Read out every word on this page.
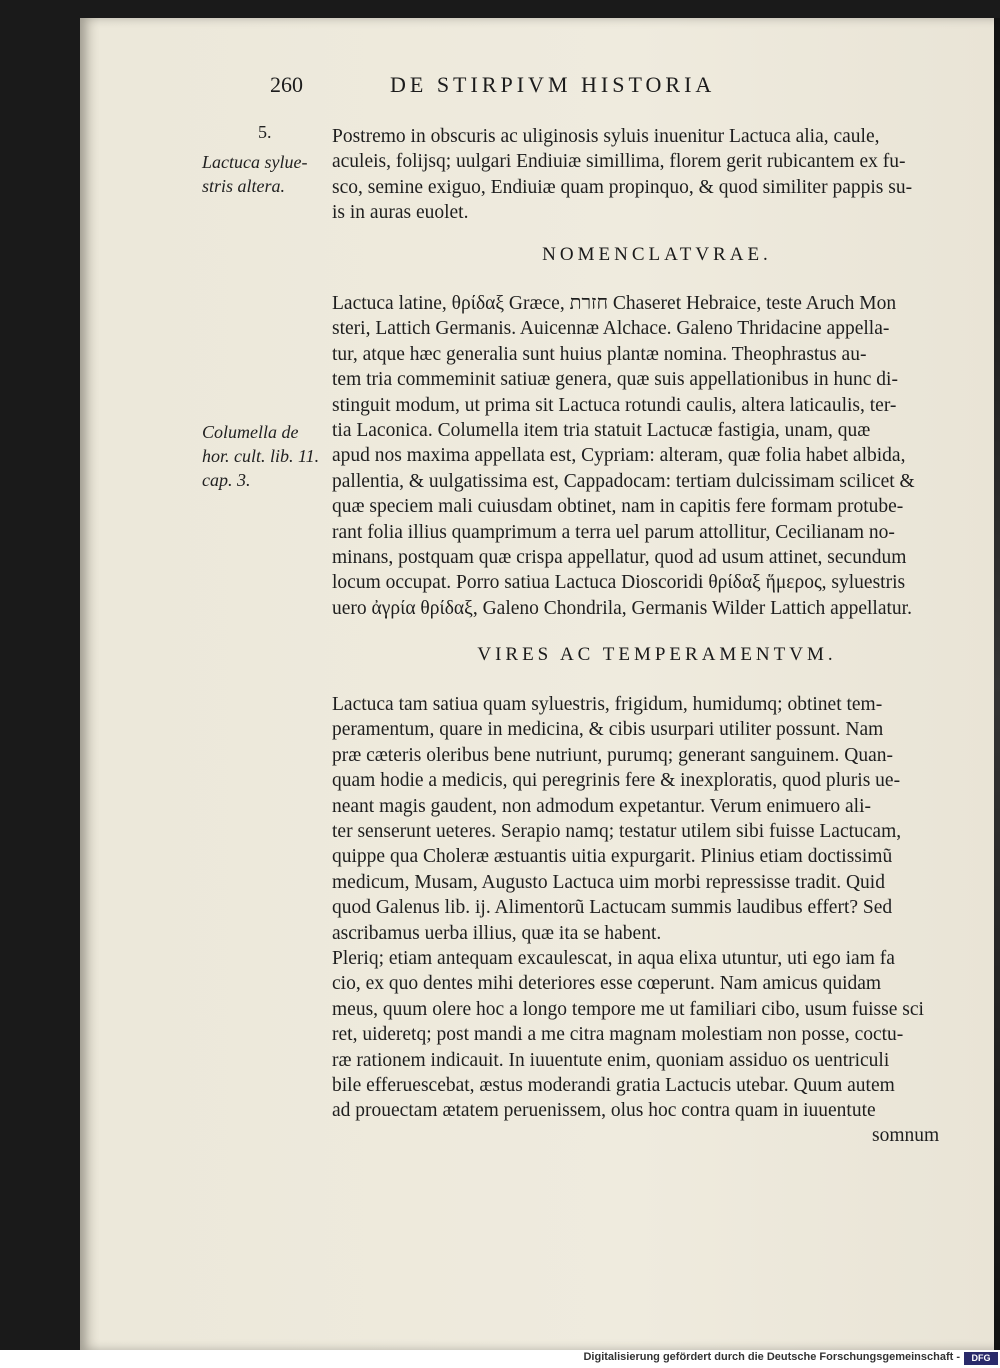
260	DE STIRPIVM HISTORIA
5.
Lactuca sylue-
stris altera.
Columella de
hor. cult. lib. 11.
cap. 3.
Postremo in obscuris ac uliginosis syluis inuenitur Lactuca alia, caule,
aculeis, folijsq; uulgari Endiuiæ simillima, florem gerit rubicantem ex fu-
sco, semine exiguo, Endiuiæ quam propinquo, & quod similiter pappis su-
is in auras euolet.
NOMENCLATVRAE.
Lactuca latine, θρίδαξ Græce, חזרת Chaseret Hebraice, teste Aruch Mon
steri, Lattich Germanis. Auicennæ Alchace. Galeno Thridacine appella-
tur, atque hæc generalia sunt huius plantæ nomina. Theophrastus au-
tem tria commeminit satiuæ genera, quæ suis appellationibus in hunc di-
stinguit modum, ut prima sit Lactuca rotundi caulis, altera laticaulis, ter-
tia Laconica. Columella item tria statuit Lactucæ fastigia, unam, quæ
apud nos maxima appellata est, Cypriam: alteram, quæ folia habet albida,
pallentia, & uulgatissima est, Cappadocam: tertiam dulcissimam scilicet &
quæ speciem mali cuiusdam obtinet, nam in capitis fere formam protube-
rant folia illius quamprimum a terra uel parum attollitur, Cecilianam no-
minans, postquam quæ crispa appellatur, quod ad usum attinet, secundum
locum occupat. Porro satiua Lactuca Dioscoridi θρίδαξ ἥμερος, syluestris
uero ἀγρία θρίδαξ, Galeno Chondrila, Germanis Wilder Lattich appellatur.
VIRES AC TEMPERAMENTVM.
Lactuca tam satiua quam syluestris, frigidum, humidumq; obtinet tem-
peramentum, quare in medicina, & cibis usurpari utiliter possunt. Nam
præ cæteris oleribus bene nutriunt, purumq; generant sanguinem. Quan-
quam hodie a medicis, qui peregrinis fere & inexploratis, quod pluris ue-
neant magis gaudent, non admodum expetantur. Verum enimuero ali-
ter senserunt ueteres. Serapio namq; testatur utilem sibi fuisse Lactucam,
quippe qua Choleræ æstuantis uitia expurgarit. Plinius etiam doctissimũ
medicum, Musam, Augusto Lactuca uim morbi repressisse tradit. Quid
quod Galenus lib. ij. Alimentorũ Lactucam summis laudibus effert? Sed
ascribamus uerba illius, quæ ita se habent.
Pleriq; etiam antequam excaulescat, in aqua elixa utuntur, uti ego iam fa
cio, ex quo dentes mihi deteriores esse cœperunt. Nam amicus quidam
meus, quum olere hoc a longo tempore me ut familiari cibo, usum fuisse sci
ret, uideretq; post mandi a me citra magnam molestiam non posse, coctu-
ræ rationem indicauit. In iuuentute enim, quoniam assiduo os uentriculi
bile efferuescebat, æstus moderandi gratia Lactucis utebar. Quum autem
ad prouectam ætatem peruenissem, olus hoc contra quam in iuuentute
somnum
Digitalisierung gefördert durch die Deutsche Forschungsgemeinschaft -	DFG
